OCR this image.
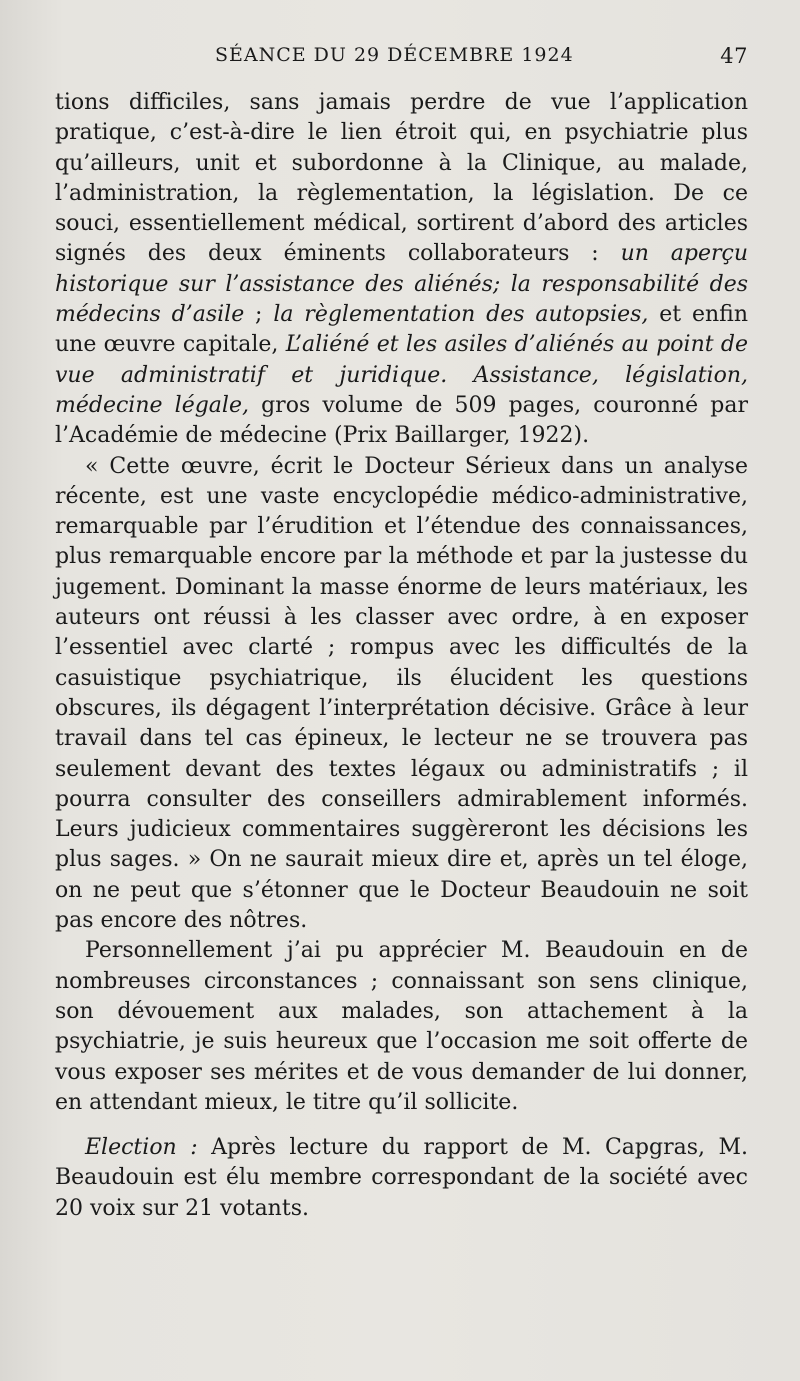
SÉANCE DU 29 DÉCEMBRE 1924	47

tions difficiles, sans jamais perdre de vue l’application pratique, c’est-à-dire le lien étroit qui, en psychiatrie plus qu’ailleurs, unit et subordonne à la Clinique, au malade, l’administration, la règlementation, la législation. De ce souci, essentiellement médical, sortirent d’abord des articles signés des deux éminents collaborateurs : un aperçu historique sur l’assistance des aliénés; la responsabilité des médecins d’asile ; la règlementation des autopsies, et enfin une œuvre capitale, L’aliéné et les asiles d’aliénés au point de vue administratif et juridique. Assistance, législation, médecine légale, gros volume de 509 pages, couronné par l’Académie de médecine (Prix Baillarger, 1922).

« Cette œuvre, écrit le Docteur Sérieux dans un analyse récente, est une vaste encyclopédie médico-administrative, remarquable par l’érudition et l’étendue des connaissances, plus remarquable encore par la méthode et par la justesse du jugement. Dominant la masse énorme de leurs matériaux, les auteurs ont réussi à les classer avec ordre, à en exposer l’essentiel avec clarté ; rompus avec les difficultés de la casuistique psychiatrique, ils élucident les questions obscures, ils dégagent l’interprétation décisive. Grâce à leur travail dans tel cas épineux, le lecteur ne se trouvera pas seulement devant des textes légaux ou administratifs ; il pourra consulter des conseillers admirablement informés. Leurs judicieux commentaires suggèreront les décisions les plus sages. » On ne saurait mieux dire et, après un tel éloge, on ne peut que s’étonner que le Docteur Beaudouin ne soit pas encore des nôtres.

Personnellement j’ai pu apprécier M. Beaudouin en de nombreuses circonstances ; connaissant son sens clinique, son dévouement aux malades, son attachement à la psychiatrie, je suis heureux que l’occasion me soit offerte de vous exposer ses mérites et de vous demander de lui donner, en attendant mieux, le titre qu’il sollicite.

Election : Après lecture du rapport de M. Capgras, M. Beaudouin est élu membre correspondant de la société avec 20 voix sur 21 votants.
